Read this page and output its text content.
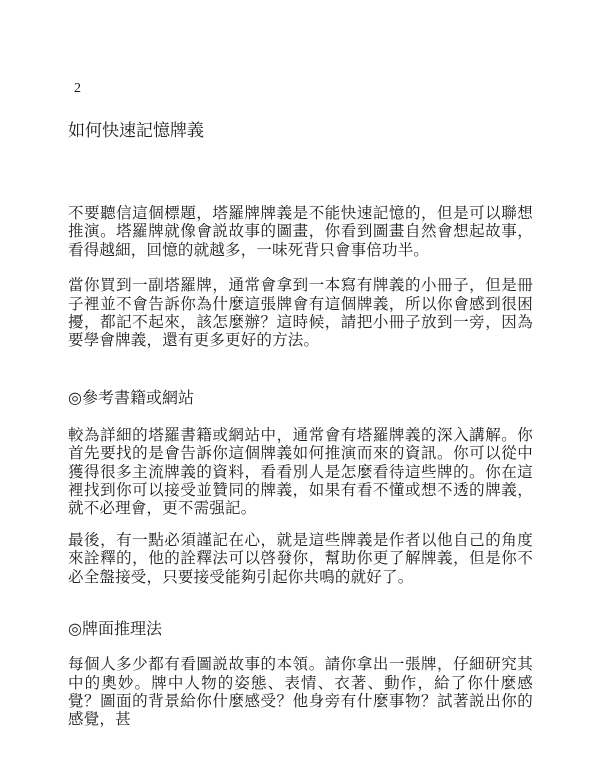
2
如何快速記憶牌義

不要聽信這個標題，塔羅牌牌義是不能快速記憶的，但是可以聯想推演。塔羅牌就像會説故事的圖畫，你看到圖畫自然會想起故事，看得越細，回憶的就越多，一味死背只會事倍功半。

當你買到一副塔羅牌，通常會拿到一本寫有牌義的小冊子，但是冊子裡並不會告訴你為什麼這張牌會有這個牌義，所以你會感到很困擾，都記不起來，該怎麼辦？這時候，請把小冊子放到一旁，因為要學會牌義，還有更多更好的方法。

◎參考書籍或網站

較為詳細的塔羅書籍或網站中，通常會有塔羅牌義的深入講解。你首先要找的是會告訴你這個牌義如何推演而來的資訊。你可以從中獲得很多主流牌義的資料，看看別人是怎麼看待這些牌的。你在這裡找到你可以接受並贊同的牌義，如果有看不懂或想不透的牌義，就不必理會，更不需强記。

最後，有一點必須謹記在心，就是這些牌義是作者以他自己的角度來詮釋的，他的詮釋法可以啓發你，幫助你更了解牌義，但是你不必全盤接受，只要接受能夠引起你共鳴的就好了。

◎牌面推理法

每個人多少都有看圖説故事的本領。請你拿出一張牌，仔細研究其中的奧妙。牌中人物的姿態、表情、衣著、動作，給了你什麼感覺？圖面的背景給你什麼感受？他身旁有什麼事物？試著説出你的感覺，甚
